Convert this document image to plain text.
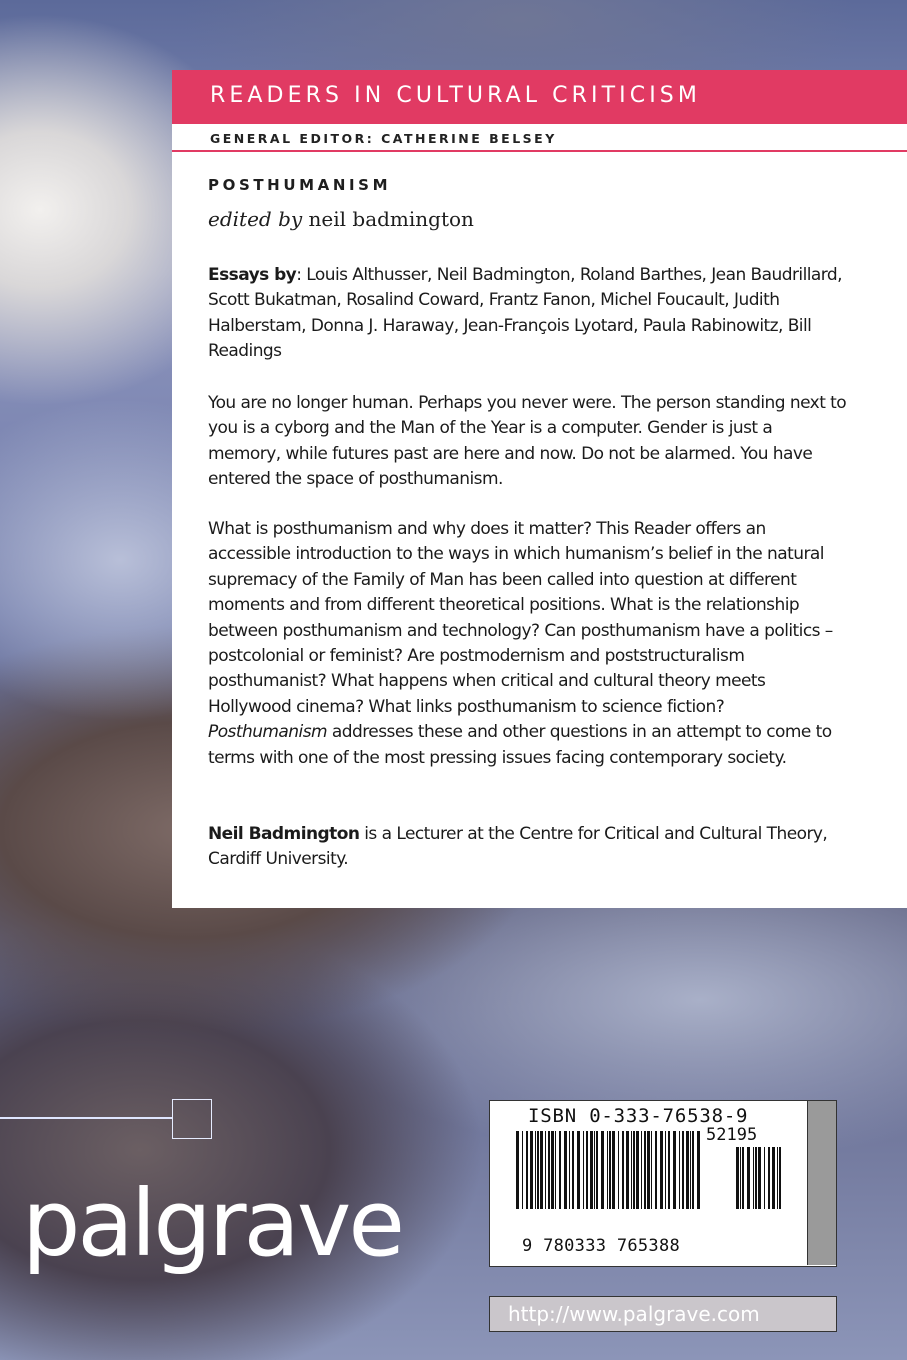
READERS IN CULTURAL CRITICISM
GENERAL EDITOR: CATHERINE BELSEY
POSTHUMANISM
edited by neil badmington
Essays by: Louis Althusser, Neil Badmington, Roland Barthes, Jean Baudrillard, Scott Bukatman, Rosalind Coward, Frantz Fanon, Michel Foucault, Judith Halberstam, Donna J. Haraway, Jean-François Lyotard, Paula Rabinowitz, Bill Readings
You are no longer human. Perhaps you never were. The person standing next to you is a cyborg and the Man of the Year is a computer. Gender is just a memory, while futures past are here and now. Do not be alarmed. You have entered the space of posthumanism.
What is posthumanism and why does it matter? This Reader offers an accessible introduction to the ways in which humanism’s belief in the natural supremacy of the Family of Man has been called into question at different moments and from different theoretical positions. What is the relationship between posthumanism and technology? Can posthumanism have a politics – postcolonial or feminist? Are postmodernism and poststructuralism posthumanist? What happens when critical and cultural theory meets Hollywood cinema? What links posthumanism to science fiction? Posthumanism addresses these and other questions in an attempt to come to terms with one of the most pressing issues facing contemporary society.
Neil Badmington is a Lecturer at the Centre for Critical and Cultural Theory, Cardiff University.
palgrave
ISBN 0-333-76538-9
52195
9 780333 765388
http://www.palgrave.com
